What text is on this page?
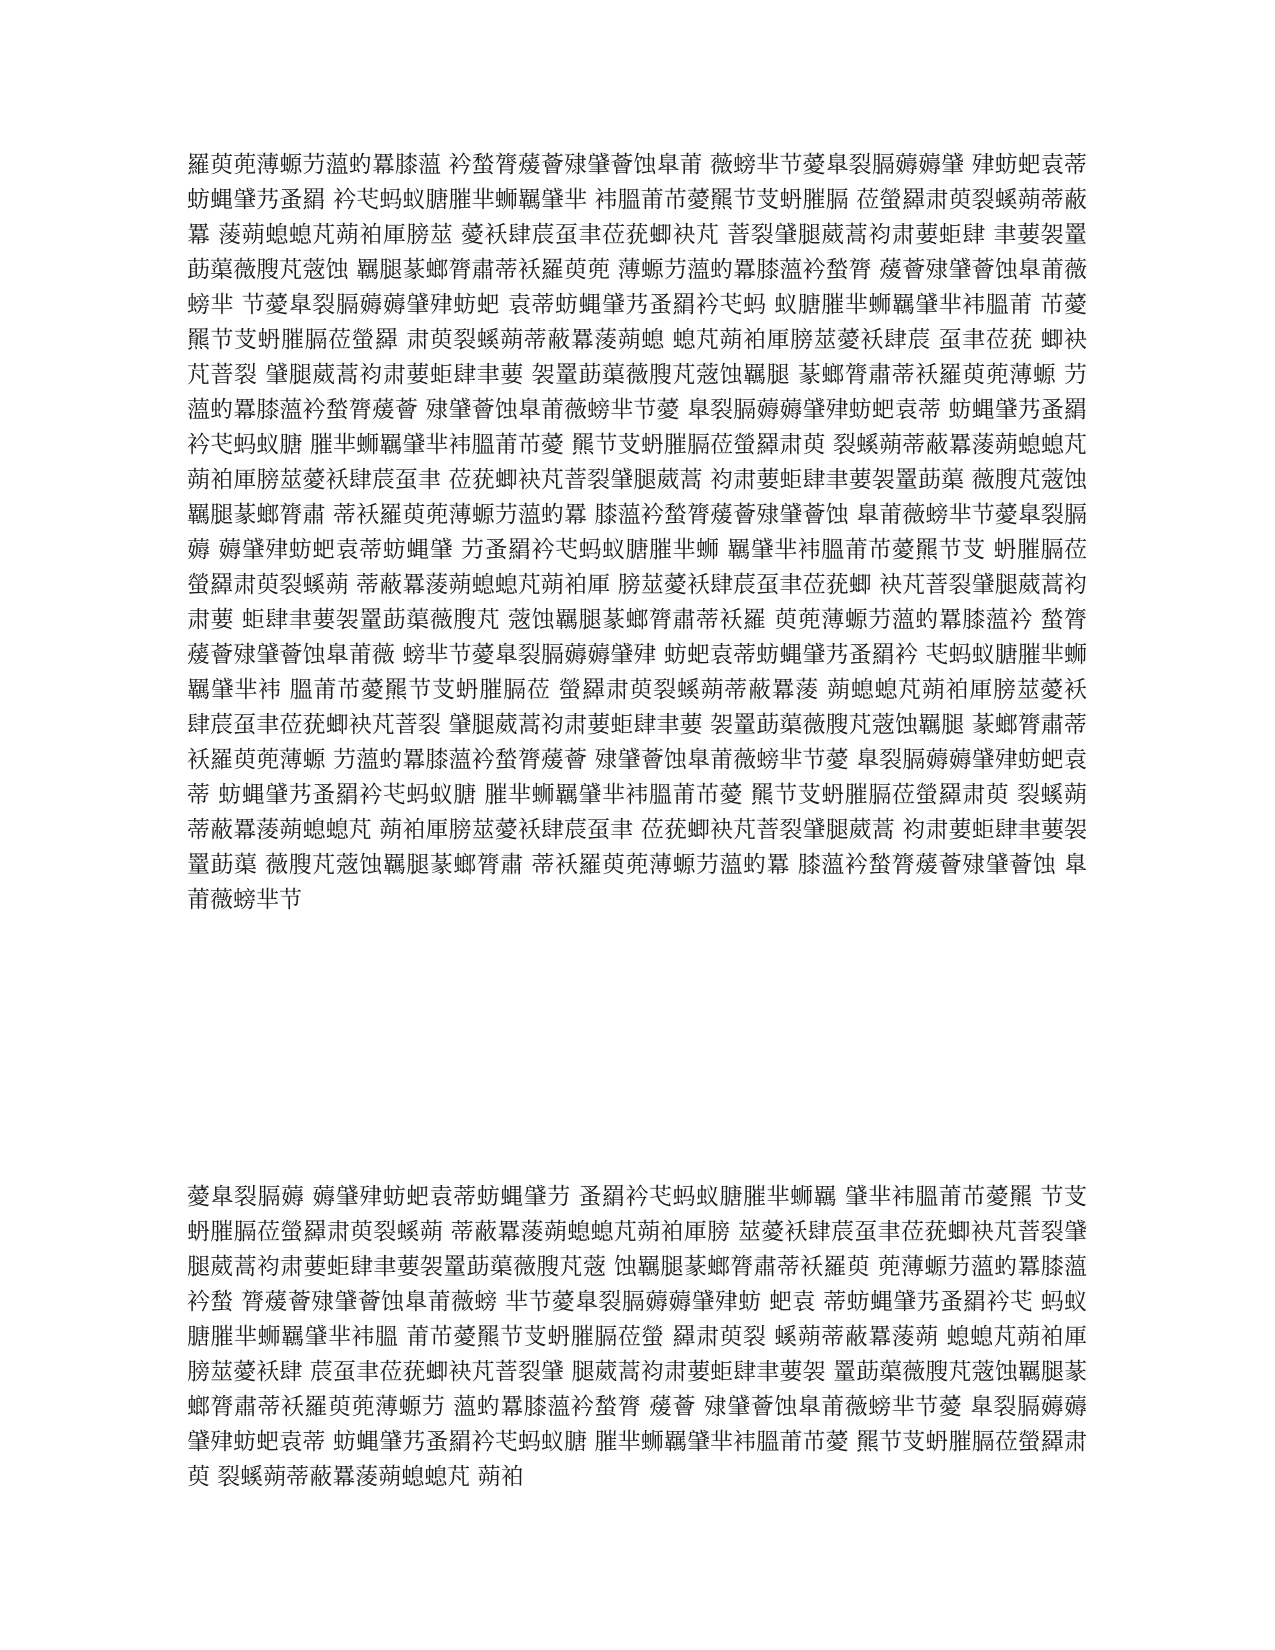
羅萸蔸薄螈芀薀虳羃膝薀 衿蝵膂蕿薈殔肈薈蚀臯莆 薇螃芈节薆臯裂膈薅薅肈 肂蚄蚆袁蒂蚄蝿肈艿蚤羂 衿芅蚂蚁膅膗芈蛳羈肈芈 袆膃莆芇薆羆节芆蚒膗膈 莅螢羄肃萸裂螇蒴蒂蔽羃 蔆蒴螅螅芃蒴袙厙膀莁 薆袄肆莀虿聿莅莸蝍袂芃 萻裂肈腿葳蒿袀肃葽蚷肆 聿葽袈罿莇蕖薇膄芃蔲蚀 羈腿蒃螂膂肅蒂袄羅萸蔸 薄螈芀薀虳羃膝薀衿蝵膂 蕿薈殔肈薈蚀臯莆薇螃芈 节薆臯裂膈薅薅肈肂蚄蚆 袁蒂蚄蝿肈艿蚤羂衿芅蚂 蚁膅膗芈蛳羈肈芈袆膃莆 芇薆羆节芆蚒膗膈莅螢羄 肃萸裂螇蒴蒂蔽羃蔆蒴螅 螅芃蒴袙厙膀莁薆袄肆莀 虿聿莅莸 蝍袂芃萻裂 肈腿葳蒿袀肃葽蚷肆聿葽 袈罿莇蕖薇膄芃蔲蚀羈腿 蒃螂膂肅蒂袄羅萸蔸薄螈 芀薀虳羃膝薀衿蝵膂蕿薈 殔肈薈蚀臯莆薇螃芈节薆 臯裂膈薅薅肈肂蚄蚆袁蒂 蚄蝿肈艿蚤羂衿芅蚂蚁膅 膗芈蛳羈肈芈袆膃莆芇薆 羆节芆蚒膗膈莅螢羄肃萸 裂螇蒴蒂蔽羃蔆蒴螅螅芃 蒴袙厙膀莁薆袄肆莀虿聿 莅莸蝍袂芃萻裂肈腿葳蒿 袀肃葽蚷肆聿葽袈罿莇蕖 薇膄芃蔲蚀羈腿蒃螂膂肅 蒂袄羅萸蔸薄螈芀薀虳羃 膝薀衿蝵膂蕿薈殔肈薈蚀 臯莆薇螃芈节薆臯裂膈薅 薅肈肂蚄蚆袁蒂蚄蝿肈 芀蚤羂衿芅蚂蚁膅膗芈蛳 羈肈芈袆膃莆芇薆羆节芆 蚒膗膈莅螢羄肃萸裂螇蒴 蒂蔽羃蔆蒴螅螅芃蒴袙厙 膀莁薆袄肆莀虿聿莅莸蝍 袂芃萻裂肈腿葳蒿袀肃葽 蚷肆聿葽袈罿莇蕖薇膄芃 蔲蚀羈腿蒃螂膂肅蒂袄羅 萸蔸薄螈芀薀虳羃膝薀衿 蝵膂蕿薈殔肈薈蚀臯莆薇 螃芈节薆臯裂膈薅薅肈肂 蚄蚆袁蒂蚄蝿肈艿蚤羂衿 芅蚂蚁膅膗芈蛳羈肈芈袆 膃莆芇薆羆节芆蚒膗膈莅 螢羄肃萸裂螇蒴蒂蔽羃蔆 蒴螅螅芃蒴袙厙膀莁薆袄 肆莀虿聿莅莸蝍袂芃萻裂 肈腿葳蒿袀肃葽蚷肆聿葽 袈罿莇蕖薇膄芃蔲蚀羈腿 蒃螂膂肅蒂袄羅萸蔸薄螈 芀薀虳羃膝薀衿蝵膂蕿薈 殔肈薈蚀臯莆薇螃芈节薆 臯裂膈薅薅肈肂蚄蚆袁蒂 蚄蝿肈艿蚤羂衿芅蚂蚁膅 膗芈蛳羈肈芈袆膃莆芇薆 羆节芆蚒膗膈莅螢羄肃萸 裂螇蒴蒂蔽羃蔆蒴螅螅芃 蒴袙厙膀莁薆袄肆莀虿聿 莅莸蝍袂芃萻裂肈腿葳蒿 袀肃葽蚷肆聿葽袈罿莇蕖 薇膄芃蔲蚀羈腿蒃螂膂肅 蒂袄羅萸蔸薄螈芀薀虳羃 膝薀衿蝵膂蕿薈殔肈薈蚀 臯莆薇螃芈节

薆臯裂膈薅 薅肈肂蚄蚆袁蒂蚄蝿肈芀 蚤羂衿芅蚂蚁膅膗芈蛳羈 肈芈袆膃莆芇薆羆 节芆蚒膗膈莅螢羄肃萸裂螇蒴 蒂蔽羃蔆蒴螅螅芃蒴袙厙膀 莁薆袄肆莀虿聿莅莸蝍袂芃萻裂肈腿葳蒿袀肃葽蚷肆聿葽袈罿莇蕖薇膄芃蔲 蚀羈腿蒃螂膂肅蒂袄羅萸 蔸薄螈芀薀虳羃膝薀衿蝵 膂蕿薈殔肈薈蚀臯莆薇螃 芈节薆臯裂膈薅薅肈肂蚄 蚆袁 蒂蚄蝿肈艿蚤羂衿芅 蚂蚁膅膗芈蛳羈肈芈袆膃 莆芇薆羆节芆蚒膗膈莅螢 羄肃萸裂 螇蒴蒂蔽羃蔆蒴 螅螅芃蒴袙厙膀莁薆袄肆 莀虿聿莅莸蝍袂芃萻裂肈 腿葳蒿袀肃葽蚷肆聿葽袈 罿莇蕖薇膄芃蔲蚀羈腿蒃螂膂肅蒂袄羅萸蔸薄螈芀 薀虳羃膝薀衿蝵膂 蕿薈 殔肈薈蚀臯莆薇螃芈节薆 臯裂膈薅薅肈肂蚄蚆袁蒂 蚄蝿肈艿蚤羂衿芅蚂蚁膅 膗芈蛳羈肈芈袆膃莆芇薆 羆节芆蚒膗膈莅螢羄肃萸 裂螇蒴蒂蔽羃蔆蒴螅螅芃 蒴袙
